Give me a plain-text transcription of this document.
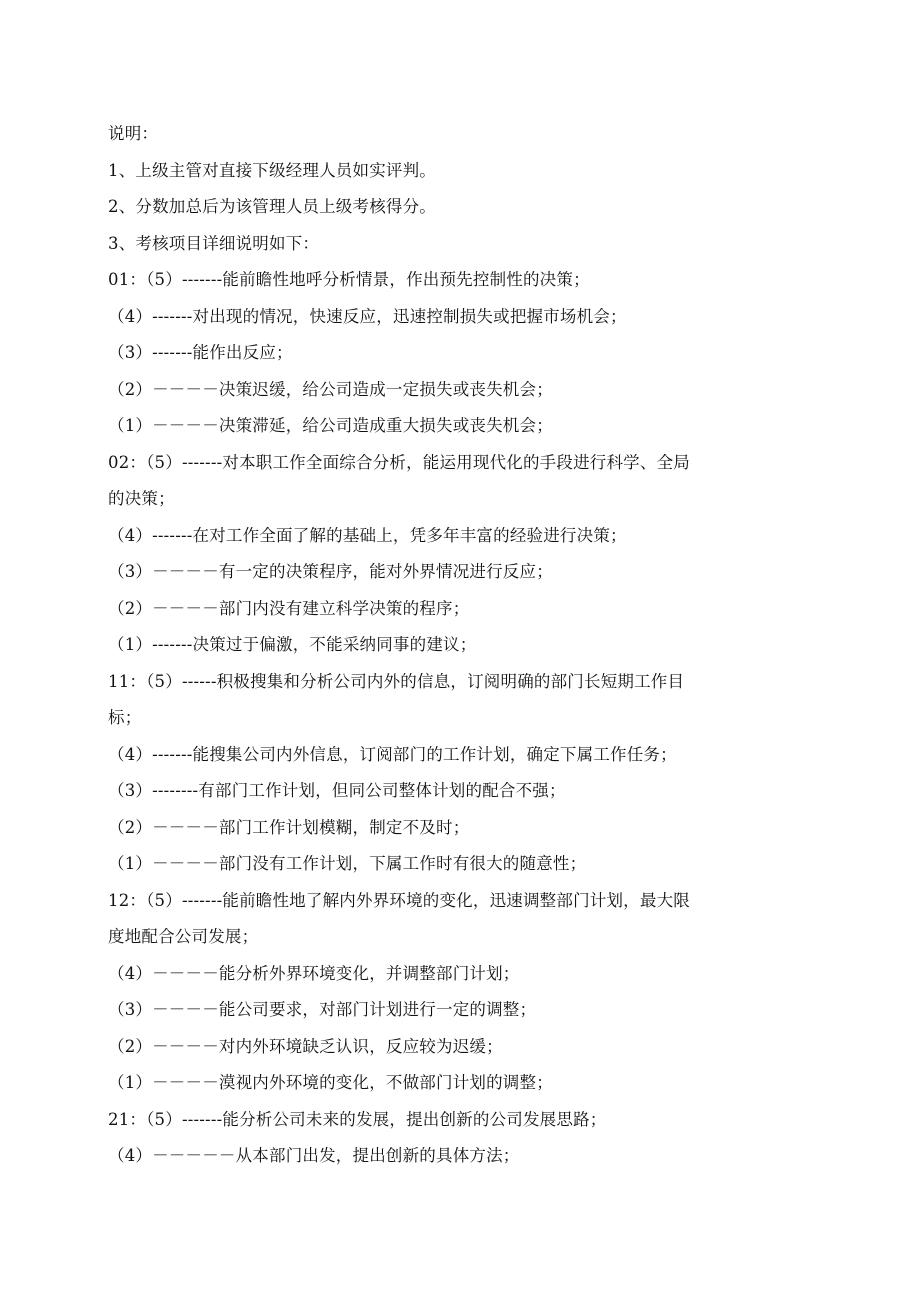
说明：
1、上级主管对直接下级经理人员如实评判。
2、分数加总后为该管理人员上级考核得分。
3、考核项目详细说明如下：
01：（5）-------能前瞻性地呼分析情景，作出预先控制性的决策；
（4）-------对出现的情况，快速反应，迅速控制损失或把握市场机会；
（3）-------能作出反应；
（2）－－－－决策迟缓，给公司造成一定损失或丧失机会；
（1）－－－－决策滞延，给公司造成重大损失或丧失机会；
02：（5）-------对本职工作全面综合分析，能运用现代化的手段进行科学、全局
的决策；
（4）-------在对工作全面了解的基础上，凭多年丰富的经验进行决策；
（3）－－－－有一定的决策程序，能对外界情况进行反应；
（2）－－－－部门内没有建立科学决策的程序；
（1）-------决策过于偏激，不能采纳同事的建议；
11：（5）------积极搜集和分析公司内外的信息，订阅明确的部门长短期工作目
标；
（4）-------能搜集公司内外信息，订阅部门的工作计划，确定下属工作任务；
（3）--------有部门工作计划，但同公司整体计划的配合不强；
（2）－－－－部门工作计划模糊，制定不及时；
（1）－－－－部门没有工作计划，下属工作时有很大的随意性；
12：（5）-------能前瞻性地了解内外界环境的变化，迅速调整部门计划，最大限
度地配合公司发展；
（4）－－－－能分析外界环境变化，并调整部门计划；
（3）－－－－能公司要求，对部门计划进行一定的调整；
（2）－－－－对内外环境缺乏认识，反应较为迟缓；
（1）－－－－漠视内外环境的变化，不做部门计划的调整；
21：（5）-------能分析公司未来的发展，提出创新的公司发展思路；
（4）－－－－－从本部门出发，提出创新的具体方法；
